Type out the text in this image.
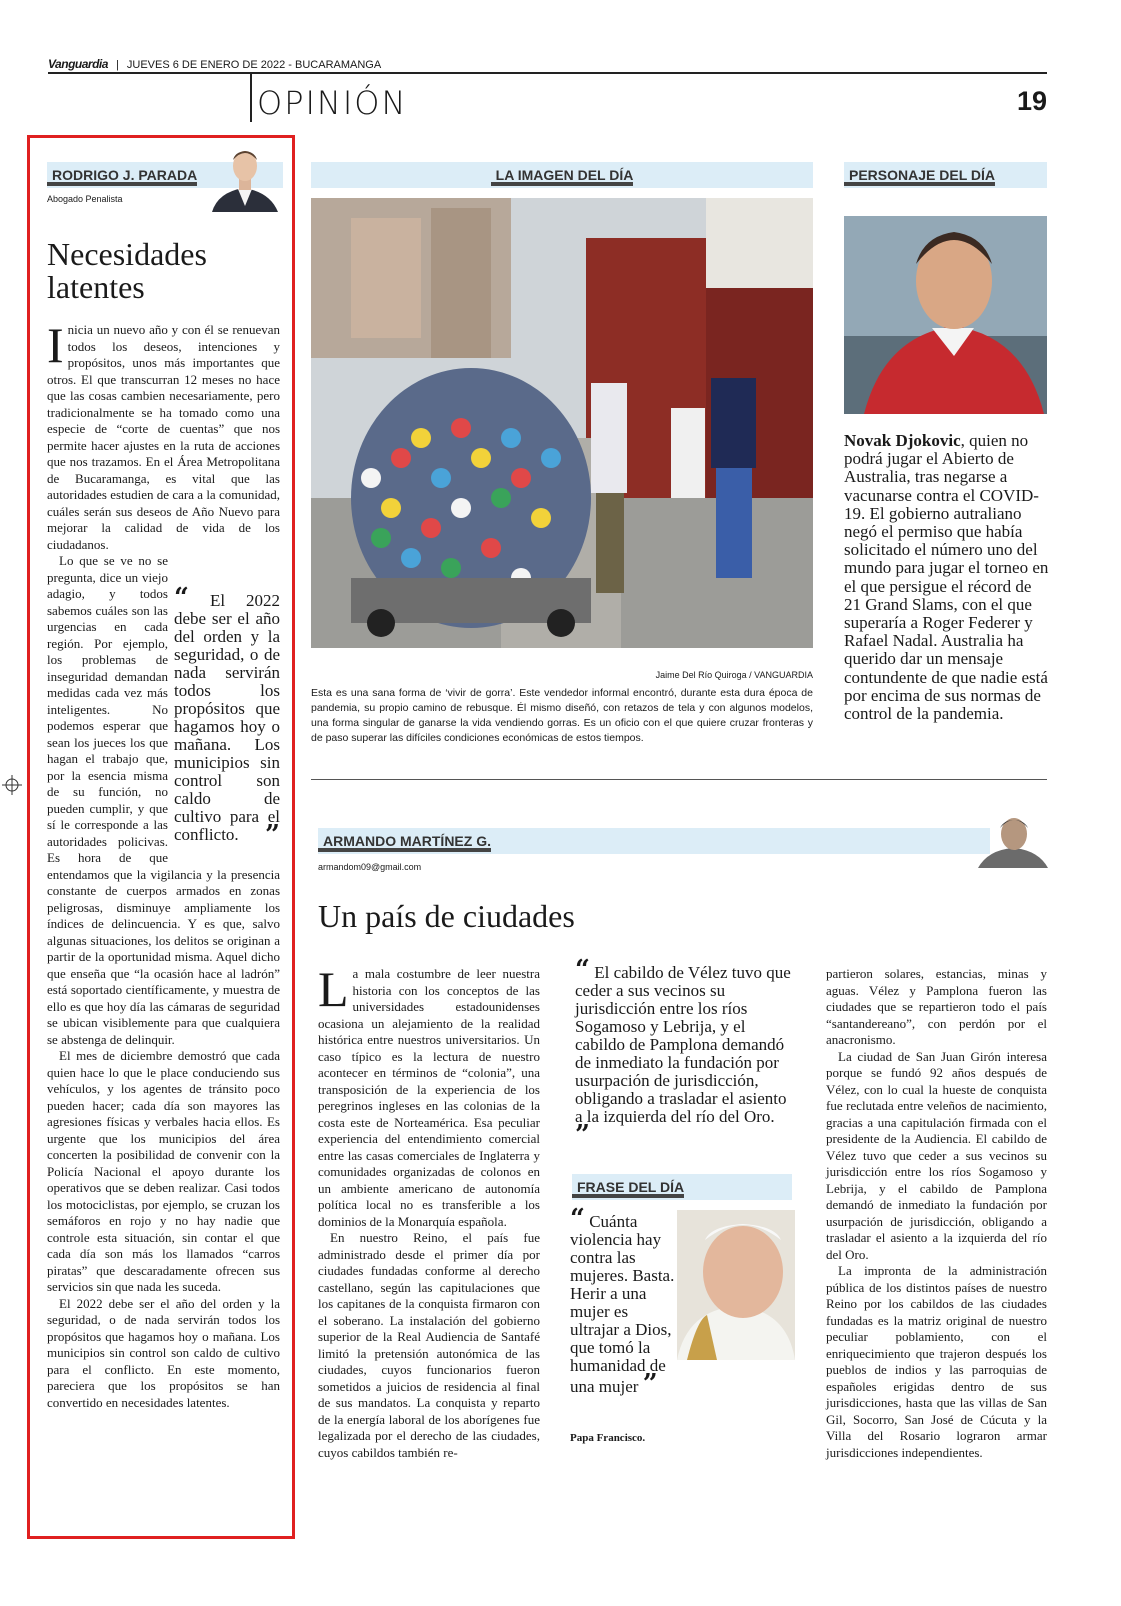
Vanguardia | JUEVES 6 DE ENERO DE 2022 - BUCARAMANGA
OPINIÓN	19
RODRIGO J. PARADA
Abogado Penalista
Necesidades latentes
I nicia un nuevo año y con él se renuevan todos los deseos, intenciones y propósitos, unos más importantes que otros. El que transcurran 12 meses no hace que las cosas cambien necesariamente, pero tradicionalmente se ha tomado como una especie de “corte de cuentas” que nos permite hacer ajustes en la ruta de acciones que nos trazamos. En el Área Metropolitana de Bucaramanga, es vital que las autoridades estudien de cara a la comunidad, cuáles serán sus deseos de Año Nuevo para mejorar la calidad de vida de los ciudadanos.

“ El 2022 debe ser el año del orden y la seguridad, o de nada servirán todos los propósitos que hagamos hoy o mañana. Los municipios sin control son caldo de cultivo para el conflicto. ”

Lo que se ve no se pregunta, dice un viejo adagio, y todos sabemos cuáles son las urgencias en cada región. Por ejemplo, los problemas de inseguridad demandan medidas cada vez más inteligentes. No podemos esperar que sean los jueces los que hagan el trabajo que, por la esencia misma de su función, no pueden cumplir, y que sí le corresponde a las autoridades policivas. Es hora de que entendamos que la vigilancia y la presencia constante de cuerpos armados en zonas peligrosas, disminuye ampliamente los índices de delincuencia. Y es que, salvo algunas situaciones, los delitos se originan a partir de la oportunidad misma. Aquel dicho que enseña que “la ocasión hace al ladrón” está soportado científicamente, y muestra de ello es que hoy día las cámaras de seguridad se ubican visiblemente para que cualquiera se abstenga de delinquir.

El mes de diciembre demostró que cada quien hace lo que le place conduciendo sus vehículos, y los agentes de tránsito poco pueden hacer; cada día son mayores las agresiones físicas y verbales hacia ellos. Es urgente que los municipios del área concerten la posibilidad de convenir con la Policía Nacional el apoyo durante los operativos que se deben realizar. Casi todos los motociclistas, por ejemplo, se cruzan los semáforos en rojo y no hay nadie que controle esta situación, sin contar el que cada día son más los llamados “carros piratas” que descaradamente ofrecen sus servicios sin que nada les suceda.

El 2022 debe ser el año del orden y la seguridad, o de nada servirán todos los propósitos que hagamos hoy o mañana. Los municipios sin control son caldo de cultivo para el conflicto. En este momento, pareciera que los propósitos se han convertido en necesidades latentes.

LA IMAGEN DEL DÍA
Jaime Del Río Quiroga / VANGUARDIA
Esta es una sana forma de ‘vivir de gorra’. Este vendedor informal encontró, durante esta dura época de pandemia, su propio camino de rebusque. Él mismo diseñó, con retazos de tela y con algunos modelos, una forma singular de ganarse la vida vendiendo gorras. Es un oficio con el que quiere cruzar fronteras y de paso superar las difíciles condiciones económicas de estos tiempos.
PERSONAJE DEL DÍA
Novak Djokovic, quien no podrá jugar el Abierto de Australia, tras negarse a vacunarse contra el COVID-19. El gobierno autraliano negó el permiso que había solicitado el número uno del mundo para jugar el torneo en el que persigue el récord de 21 Grand Slams, con el que superaría a Roger Federer y Rafael Nadal. Australia ha querido dar un mensaje contundente de que nadie está por encima de sus normas de control de la pandemia.
ARMANDO MARTÍNEZ G.
armandom09@gmail.com
Un país de ciudades
L a mala costumbre de leer nuestra historia con los conceptos de las universidades estadounidenses ocasiona un alejamiento de la realidad histórica entre nuestros universitarios. Un caso típico es la lectura de nuestro acontecer en términos de “colonia”, una transposición de la experiencia de los peregrinos ingleses en las colonias de la costa este de Norteamérica. Esa peculiar experiencia del entendimiento comercial entre las casas comerciales de Inglaterra y comunidades organizadas de colonos en un ambiente americano de autonomía política local no es transferible a los dominios de la Monarquía española.

En nuestro Reino, el país fue administrado desde el primer día por ciudades fundadas conforme al derecho castellano, según las capitulaciones que los capitanes de la conquista firmaron con el soberano. La instalación del gobierno superior de la Real Audiencia de Santafé limitó la pretensión autonómica de las ciudades, cuyos funcionarios fueron sometidos a juicios de residencia al final de sus mandatos. La conquista y reparto de la energía laboral de los aborígenes fue legalizada por el derecho de las ciudades, cuyos cabildos también re-

“ El cabildo de Vélez tuvo que ceder a sus vecinos su jurisdicción entre los ríos Sogamoso y Lebrija, y el cabildo de Pamplona demandó de inmediato la fundación por usurpación de jurisdicción, obligando a trasladar el asiento a la izquierda del río del Oro. ”

partieron solares, estancias, minas y aguas. Vélez y Pamplona fueron las ciudades que se repartieron todo el país “santandereano”, con perdón por el anacronismo.

La ciudad de San Juan Girón interesa porque se fundó 92 años después de Vélez, con lo cual la hueste de conquista fue reclutada entre veleños de nacimiento, gracias a una capitulación firmada con el presidente de la Audiencia. El cabildo de Vélez tuvo que ceder a sus vecinos su jurisdicción entre los ríos Sogamoso y Lebrija, y el cabildo de Pamplona demandó de inmediato la fundación por usurpación de jurisdicción, obligando a trasladar el asiento a la izquierda del río del Oro.

La impronta de la administración pública de los distintos países de nuestro Reino por los cabildos de las ciudades fundadas es la matriz original de nuestro peculiar poblamiento, con el enriquecimiento que trajeron después los pueblos de indios y las parroquias de españoles erigidas dentro de sus jurisdicciones, hasta que las villas de San Gil, Socorro, San José de Cúcuta y la Villa del Rosario lograron armar jurisdicciones independientes.

FRASE DEL DÍA
“ Cuánta violencia hay contra las mujeres. Basta. Herir a una mujer es ultrajar a Dios, que tomó la humanidad de una mujer ”
Papa Francisco.
